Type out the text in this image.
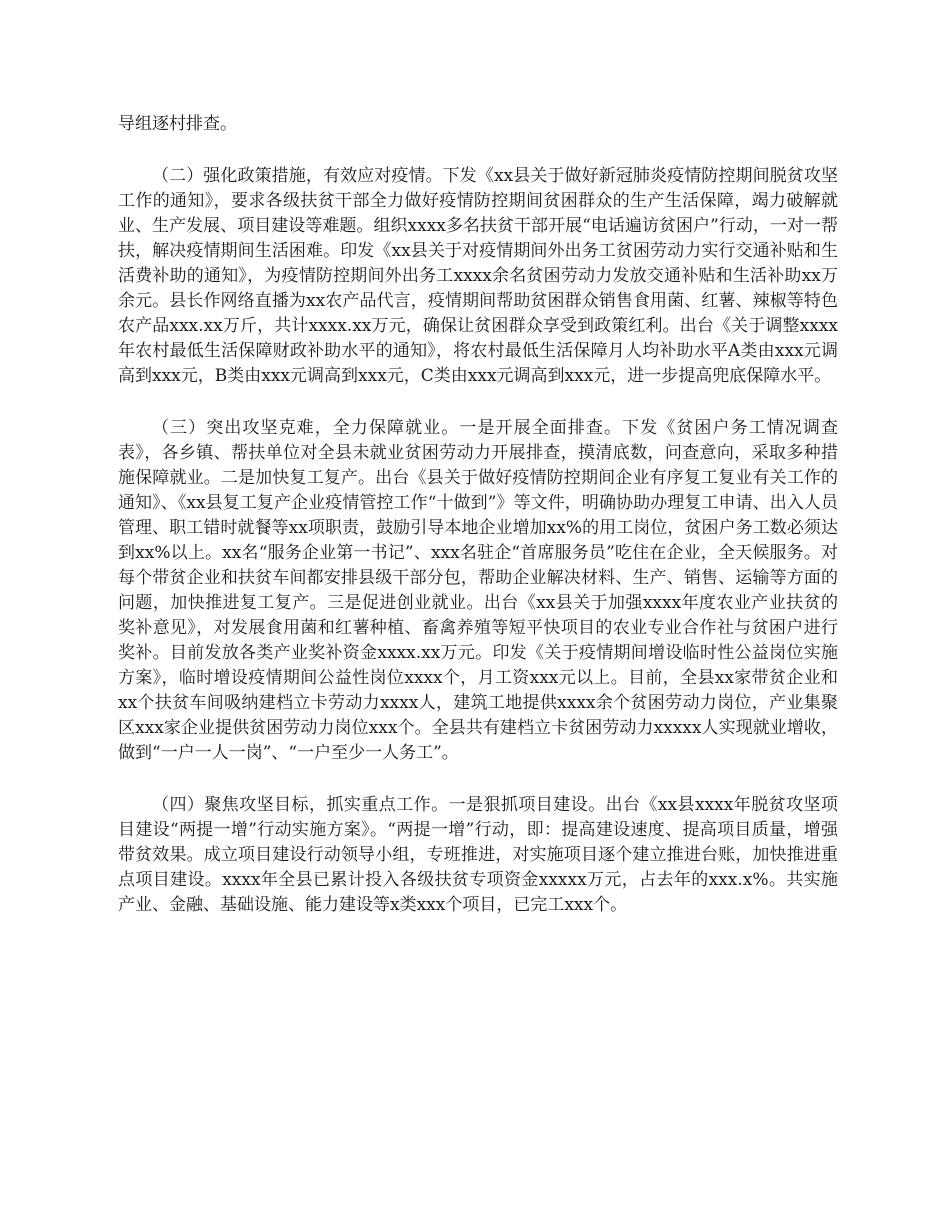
导组逐村排查。

（二）强化政策措施，有效应对疫情。下发《xx县关于做好新冠肺炎疫情防控期间脱贫攻坚工作的通知》，要求各级扶贫干部全力做好疫情防控期间贫困群众的生产生活保障，竭力破解就业、生产发展、项目建设等难题。组织xxxx多名扶贫干部开展“电话遍访贫困户”行动，一对一帮扶，解决疫情期间生活困难。印发《xx县关于对疫情期间外出务工贫困劳动力实行交通补贴和生活费补助的通知》，为疫情防控期间外出务工xxxx余名贫困劳动力发放交通补贴和生活补助xx万余元。县长作网络直播为xx农产品代言，疫情期间帮助贫困群众销售食用菌、红薯、辣椒等特色农产品xxx.xx万斤，共计xxxx.xx万元，确保让贫困群众享受到政策红利。出台《关于调整xxxx年农村最低生活保障财政补助水平的通知》，将农村最低生活保障月人均补助水平A类由xxx元调高到xxx元，B类由xxx元调高到xxx元，C类由xxx元调高到xxx元，进一步提高兜底保障水平。

（三）突出攻坚克难，全力保障就业。一是开展全面排查。下发《贫困户务工情况调查表》，各乡镇、帮扶单位对全县未就业贫困劳动力开展排查，摸清底数，问查意向，采取多种措施保障就业。二是加快复工复产。出台《县关于做好疫情防控期间企业有序复工复业有关工作的通知》、《xx县复工复产企业疫情管控工作“十做到”》等文件，明确协助办理复工申请、出入人员管理、职工错时就餐等xx项职责，鼓励引导本地企业增加xx%的用工岗位，贫困户务工数必须达到xx%以上。xx名“服务企业第一书记”、xxx名驻企“首席服务员”吃住在企业，全天候服务。对每个带贫企业和扶贫车间都安排县级干部分包，帮助企业解决材料、生产、销售、运输等方面的问题，加快推进复工复产。三是促进创业就业。出台《xx县关于加强xxxx年度农业产业扶贫的奖补意见》，对发展食用菌和红薯种植、畜禽养殖等短平快项目的农业专业合作社与贫困户进行奖补。目前发放各类产业奖补资金xxxx.xx万元。印发《关于疫情期间增设临时性公益岗位实施方案》，临时增设疫情期间公益性岗位xxxx个，月工资xxx元以上。目前，全县xx家带贫企业和xx个扶贫车间吸纳建档立卡劳动力xxxx人，建筑工地提供xxxx余个贫困劳动力岗位，产业集聚区xxx家企业提供贫困劳动力岗位xxx个。全县共有建档立卡贫困劳动力xxxxx人实现就业增收，做到“一户一人一岗”、“一户至少一人务工”。

（四）聚焦攻坚目标，抓实重点工作。一是狠抓项目建设。出台《xx县xxxx年脱贫攻坚项目建设“两提一增”行动实施方案》。“两提一增”行动，即：提高建设速度、提高项目质量，增强带贫效果。成立项目建设行动领导小组，专班推进，对实施项目逐个建立推进台账，加快推进重点项目建设。xxxx年全县已累计投入各级扶贫专项资金xxxxx万元，占去年的xxx.x%。共实施产业、金融、基础设施、能力建设等x类xxx个项目，已完工xxx个。
